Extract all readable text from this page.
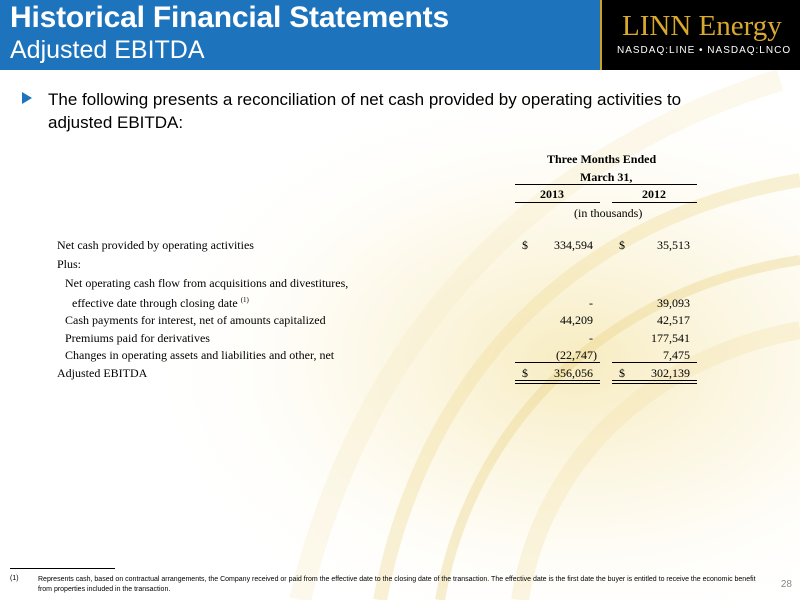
Historical Financial Statements
Adjusted EBITDA
LINN Energy
NASDAQ:LINE • NASDAQ:LNCO
The following presents a reconciliation of net cash provided by operating activities to adjusted EBITDA:
Three Months Ended
March 31,
2013	2012
(in thousands)
Net cash provided by operating activities	$	334,594 $	35,513
Plus:
Net operating cash flow from acquisitions and divestitures,
effective date through closing date $^{(1)}$	-	39,093
Cash payments for interest, net of amounts capitalized	44,209	42,517
Premiums paid for derivatives	-	177,541
Changes in operating assets and liabilities and other, net	(22,747)	7,475
Adjusted EBITDA	$	356,056 $	302,139
(1)	Represents cash, based on contractual arrangements, the Company received or paid from the effective date to the closing date of the transaction. The effective date is the first date the buyer is entitled to receive the economic benefit from properties included in the transaction.	28
